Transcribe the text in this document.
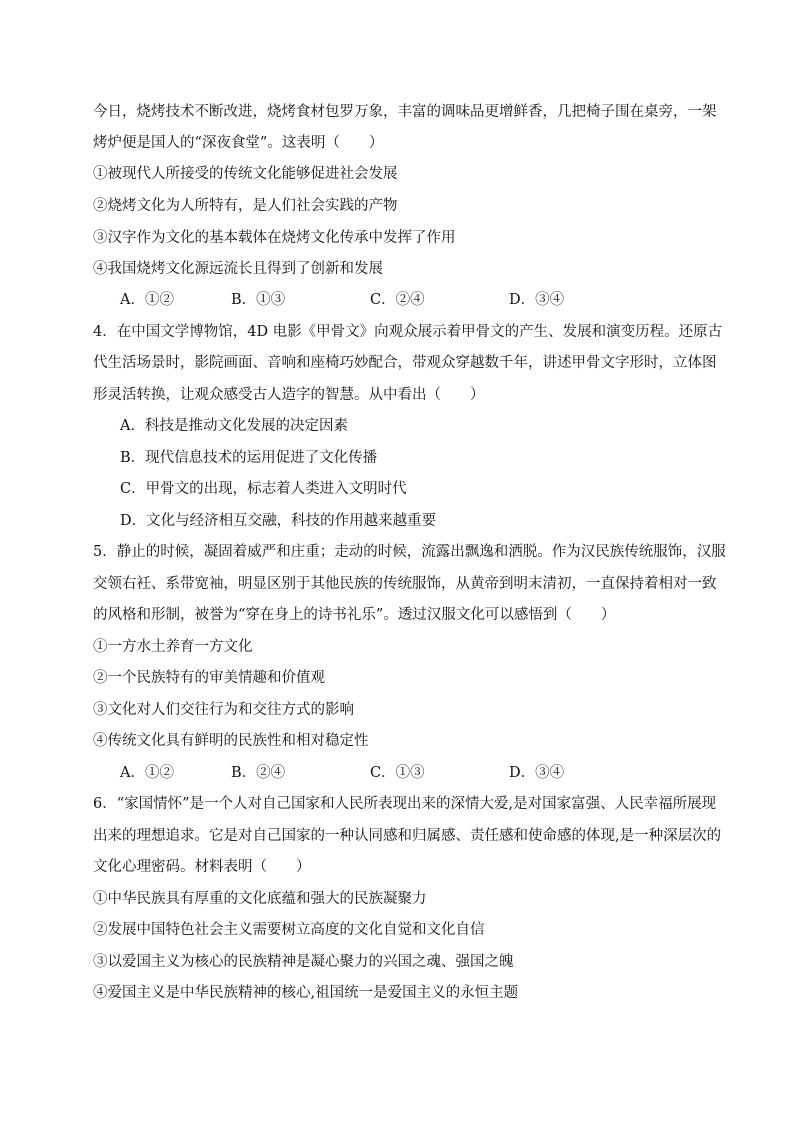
今日，烧烤技术不断改进，烧烤食材包罗万象，丰富的调味品更增鲜香，几把椅子围在桌旁，一架
烤炉便是国人的“深夜食堂”。这表明（　　）
①被现代人所接受的传统文化能够促进社会发展
②烧烤文化为人所特有，是人们社会实践的产物
③汉字作为文化的基本载体在烧烤文化传承中发挥了作用
④我国烧烤文化源远流长且得到了创新和发展
A．①②	B．①③	C．②④	D．③④
4．在中国文学博物馆，4D 电影《甲骨文》向观众展示着甲骨文的产生、发展和演变历程。还原古
代生活场景时，影院画面、音响和座椅巧妙配合，带观众穿越数千年，讲述甲骨文字形时，立体图
形灵活转换，让观众感受古人造字的智慧。从中看出（　　）
A．科技是推动文化发展的决定因素
B．现代信息技术的运用促进了文化传播
C．甲骨文的出现，标志着人类进入文明时代
D．文化与经济相互交融，科技的作用越来越重要
5．静止的时候，凝固着威严和庄重；走动的时候，流露出飘逸和洒脱。作为汉民族传统服饰，汉服
交领右衽、系带宽袖，明显区别于其他民族的传统服饰，从黄帝到明末清初，一直保持着相对一致
的风格和形制，被誉为“穿在身上的诗书礼乐”。透过汉服文化可以感悟到（　　）
①一方水土养育一方文化
②一个民族特有的审美情趣和价值观
③文化对人们交往行为和交往方式的影响
④传统文化具有鲜明的民族性和相对稳定性
A．①②	B．②④	C．①③	D．③④
6．“家国情怀”是一个人对自己国家和人民所表现出来的深情大爱,是对国家富强、人民幸福所展现
出来的理想追求。它是对自己国家的一种认同感和归属感、责任感和使命感的体现,是一种深层次的
文化心理密码。材料表明（　　）
①中华民族具有厚重的文化底蕴和强大的民族凝聚力
②发展中国特色社会主义需要树立高度的文化自觉和文化自信
③以爱国主义为核心的民族精神是凝心聚力的兴国之魂、强国之魄
④爱国主义是中华民族精神的核心,祖国统一是爱国主义的永恒主题
